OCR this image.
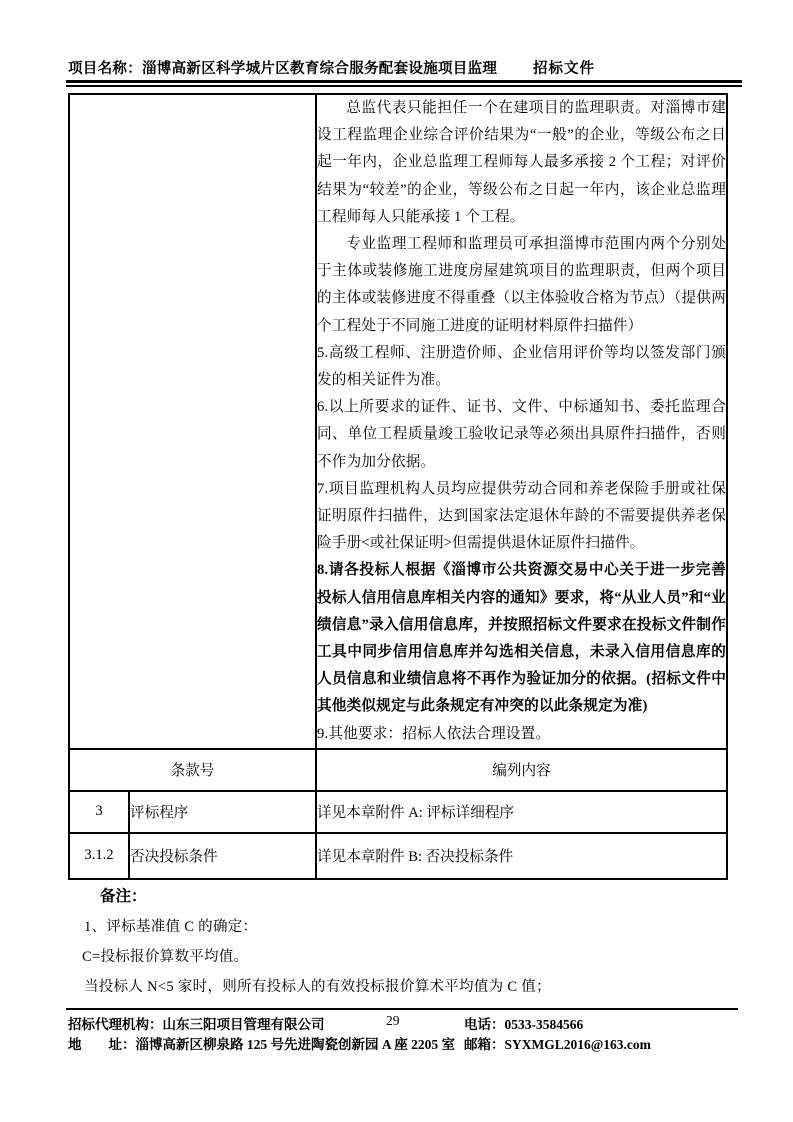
项目名称：淄博高新区科学城片区教育综合服务配套设施项目监理 招标文件

总监代表只能担任一个在建项目的监理职责。对淄博市建设工程监理企业综合评价结果为“一般”的企业，等级公布之日起一年内，企业总监理工程师每人最多承接 2 个工程；对评价结果为“较差”的企业，等级公布之日起一年内，该企业总监理工程师每人只能承接 1 个工程。

专业监理工程师和监理员可承担淄博市范围内两个分别处于主体或装修施工进度房屋建筑项目的监理职责，但两个项目的主体或装修进度不得重叠（以主体验收合格为节点）（提供两个工程处于不同施工进度的证明材料原件扫描件）

5.高级工程师、注册造价师、企业信用评价等均以签发部门颁发的相关证件为准。

6.以上所要求的证件、证书、文件、中标通知书、委托监理合同、单位工程质量竣工验收记录等必须出具原件扫描件，否则不作为加分依据。

7.项目监理机构人员均应提供劳动合同和养老保险手册或社保证明原件扫描件，达到国家法定退休年龄的不需要提供养老保险手册<或社保证明>但需提供退休证原件扫描件。

8.请各投标人根据《淄博市公共资源交易中心关于进一步完善投标人信用信息库相关内容的通知》要求，将“从业人员”和“业绩信息”录入信用信息库，并按照招标文件要求在投标文件制作工具中同步信用信息库并勾选相关信息，未录入信用信息库的人员信息和业绩信息将不再作为验证加分的依据。(招标文件中其他类似规定与此条规定有冲突的以此条规定为准)

9.其他要求：招标人依法合理设置。

条款号		编列内容
3	评标程序	详见本章附件 A: 评标详细程序
3.1.2	否决投标条件	详见本章附件 B: 否决投标条件
备注：
1、评标基准值 C 的确定：
C=投标报价算数平均值。
当投标人 N<5 家时，则所有投标人的有效投标报价算术平均值为 C 值；
招标代理机构：山东三阳项目管理有限公司	29	电话：0533-3584566
地　　址：淄博高新区柳泉路 125 号先进陶瓷创新园 A 座 2205 室 邮箱：SYXMGL2016@163.com
